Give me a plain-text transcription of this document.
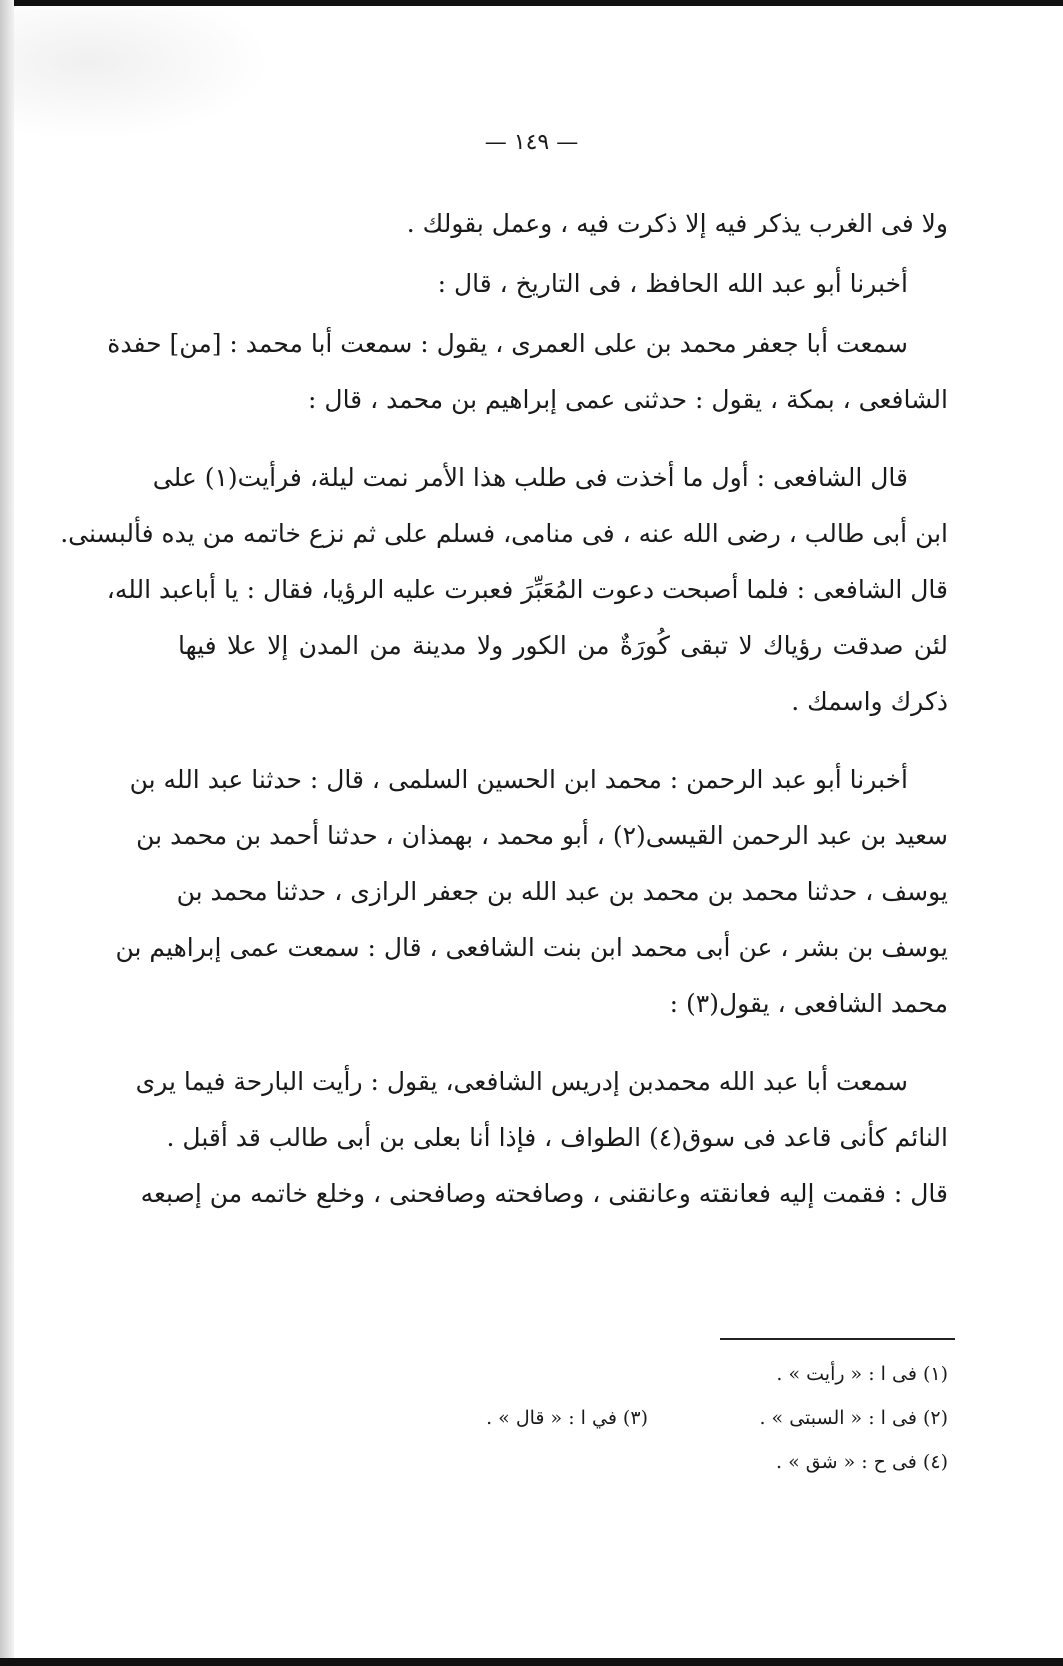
— ١٤٩ —
ولا فى الغرب يذكر فيه إلا ذكرت فيه ، وعمل بقولك .
أخبرنا أبو عبد الله الحافظ ، فى التاريخ ، قال :
سمعت أبا جعفر محمد بن على العمرى ، يقول : سمعت أبا محمد : [من] حفدة
الشافعى ، بمكة ، يقول : حدثنى عمى إبراهيم بن محمد ، قال :
قال الشافعى : أول ما أخذت فى طلب هذا الأمر نمت ليلة، فرأيت(١) على
ابن أبى طالب ، رضى الله عنه ، فى منامى، فسلم على ثم نزع خاتمه من يده فألبسنى.
قال الشافعى : فلما أصبحت دعوت المُعَبِّرَ فعبرت عليه الرؤيا، فقال : يا أباعبد الله،
لئن صدقت رؤياك لا تبقى كُورَةٌ من الكور ولا مدينة من المدن إلا علا فيها
ذكرك واسمك .
أخبرنا أبو عبد الرحمن : محمد ابن الحسين السلمى ، قال : حدثنا عبد الله بن
سعيد بن عبد الرحمن القيسى(٢) ، أبو محمد ، بهمذان ، حدثنا أحمد بن محمد بن
يوسف ، حدثنا محمد بن محمد بن عبد الله بن جعفر الرازى ، حدثنا محمد بن
يوسف بن بشر ، عن أبى محمد ابن بنت الشافعى ، قال : سمعت عمى إبراهيم بن
محمد الشافعى ، يقول(٣) :
سمعت أبا عبد الله محمدبن إدريس الشافعى، يقول : رأيت البارحة فيما يرى
النائم كأنى قاعد فى سوق(٤) الطواف ، فإذا أنا بعلى بن أبى طالب قد أقبل .
قال : فقمت إليه فعانقته وعانقنى ، وصافحته وصافحنى ، وخلع خاتمه من إصبعه
(١) فى ا : « رأيت » .
(٢) فى ا : « السبتى » .
(٣) في ا : « قال » .
(٤) فى ح : « شق » .
